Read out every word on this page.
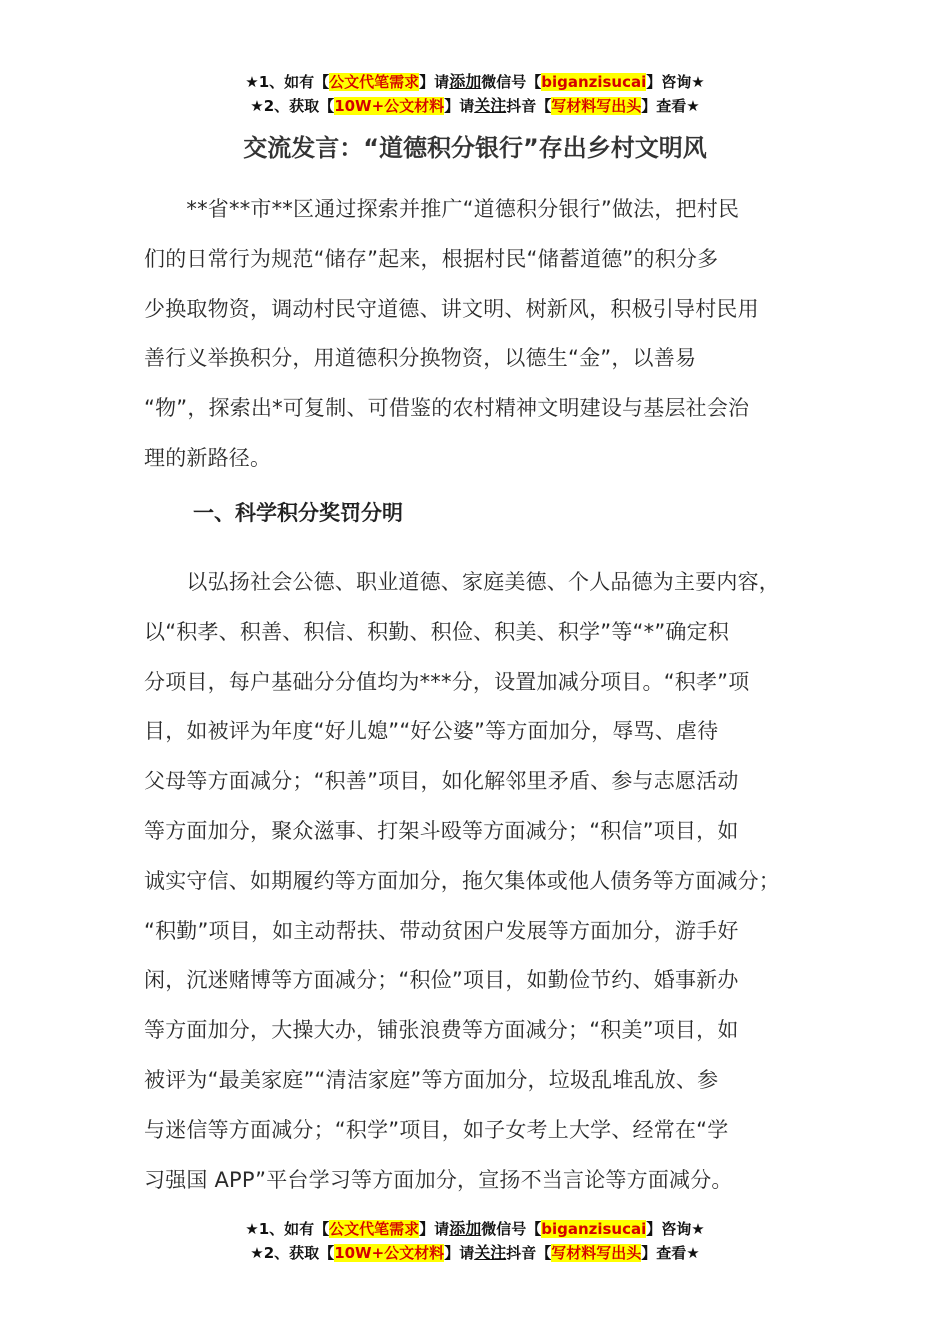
★1、如有【公文代笔需求】请添加微信号【biganzisucai】咨询★
★2、获取【10W+公文材料】请关注抖音【写材料写出头】查看★
交流发言：“道德积分银行”存出乡村文明风
　　**省**市**区通过探索并推广“道德积分银行”做法，把村民
们的日常行为规范“储存”起来，根据村民“储蓄道德”的积分多
少换取物资，调动村民守道德、讲文明、树新风，积极引导村民用
善行义举换积分，用道德积分换物资，以德生“金”，以善易
“物”，探索出*可复制、可借鉴的农村精神文明建设与基层社会治
理的新路径。
一、科学积分奖罚分明
　　以弘扬社会公德、职业道德、家庭美德、个人品德为主要内容，
以“积孝、积善、积信、积勤、积俭、积美、积学”等“*”确定积
分项目，每户基础分分值均为***分，设置加减分项目。“积孝”项
目，如被评为年度“好儿媳”“好公婆”等方面加分，辱骂、虐待
父母等方面减分；“积善”项目，如化解邻里矛盾、参与志愿活动
等方面加分，聚众滋事、打架斗殴等方面减分；“积信”项目，如
诚实守信、如期履约等方面加分，拖欠集体或他人债务等方面减分；
“积勤”项目，如主动帮扶、带动贫困户发展等方面加分，游手好
闲，沉迷赌博等方面减分；“积俭”项目，如勤俭节约、婚事新办
等方面加分，大操大办，铺张浪费等方面减分；“积美”项目，如
被评为“最美家庭”“清洁家庭”等方面加分，垃圾乱堆乱放、参
与迷信等方面减分；“积学”项目，如子女考上大学、经常在“学
习强国 APP”平台学习等方面加分，宣扬不当言论等方面减分。
★1、如有【公文代笔需求】请添加微信号【biganzisucai】咨询★
★2、获取【10W+公文材料】请关注抖音【写材料写出头】查看★
